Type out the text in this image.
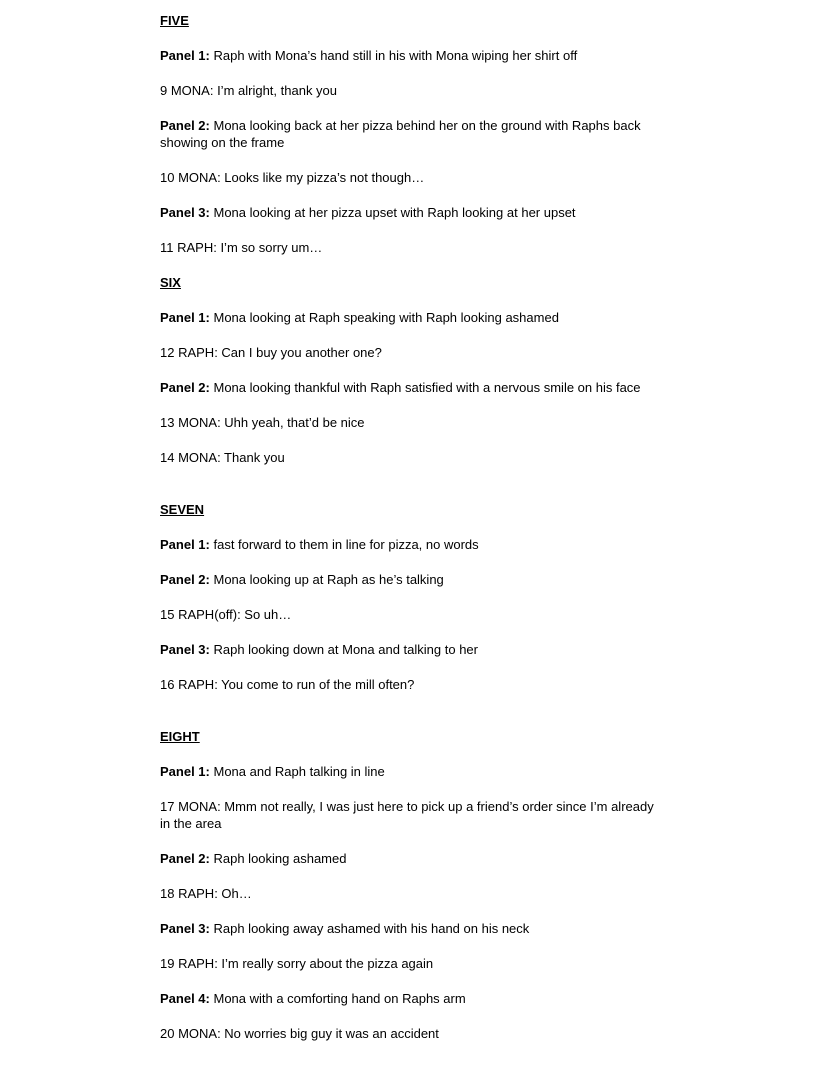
FIVE

Panel 1: Raph with Mona’s hand still in his with Mona wiping her shirt off

9 MONA: I’m alright, thank you

Panel 2: Mona looking back at her pizza behind her on the ground with Raphs back showing on the frame

10 MONA: Looks like my pizza’s not though…

Panel 3: Mona looking at her pizza upset with Raph looking at her upset

11 RAPH: I’m so sorry um…

SIX

Panel 1: Mona looking at Raph speaking with Raph looking ashamed

12 RAPH: Can I buy you another one?

Panel 2: Mona looking thankful with Raph satisfied with a nervous smile on his face

13 MONA: Uhh yeah, that’d be nice

14 MONA: Thank you

SEVEN

Panel 1: fast forward to them in line for pizza, no words

Panel 2: Mona looking up at Raph as he’s talking

15 RAPH(off): So uh…

Panel 3: Raph looking down at Mona and talking to her

16 RAPH: You come to run of the mill often?

EIGHT

Panel 1: Mona and Raph talking in line

17 MONA: Mmm not really, I was just here to pick up a friend’s order since I’m already in the area

Panel 2: Raph looking ashamed

18 RAPH: Oh…

Panel 3: Raph looking away ashamed with his hand on his neck

19 RAPH: I’m really sorry about the pizza again

Panel 4: Mona with a comforting hand on Raphs arm

20 MONA: No worries big guy it was an accident
